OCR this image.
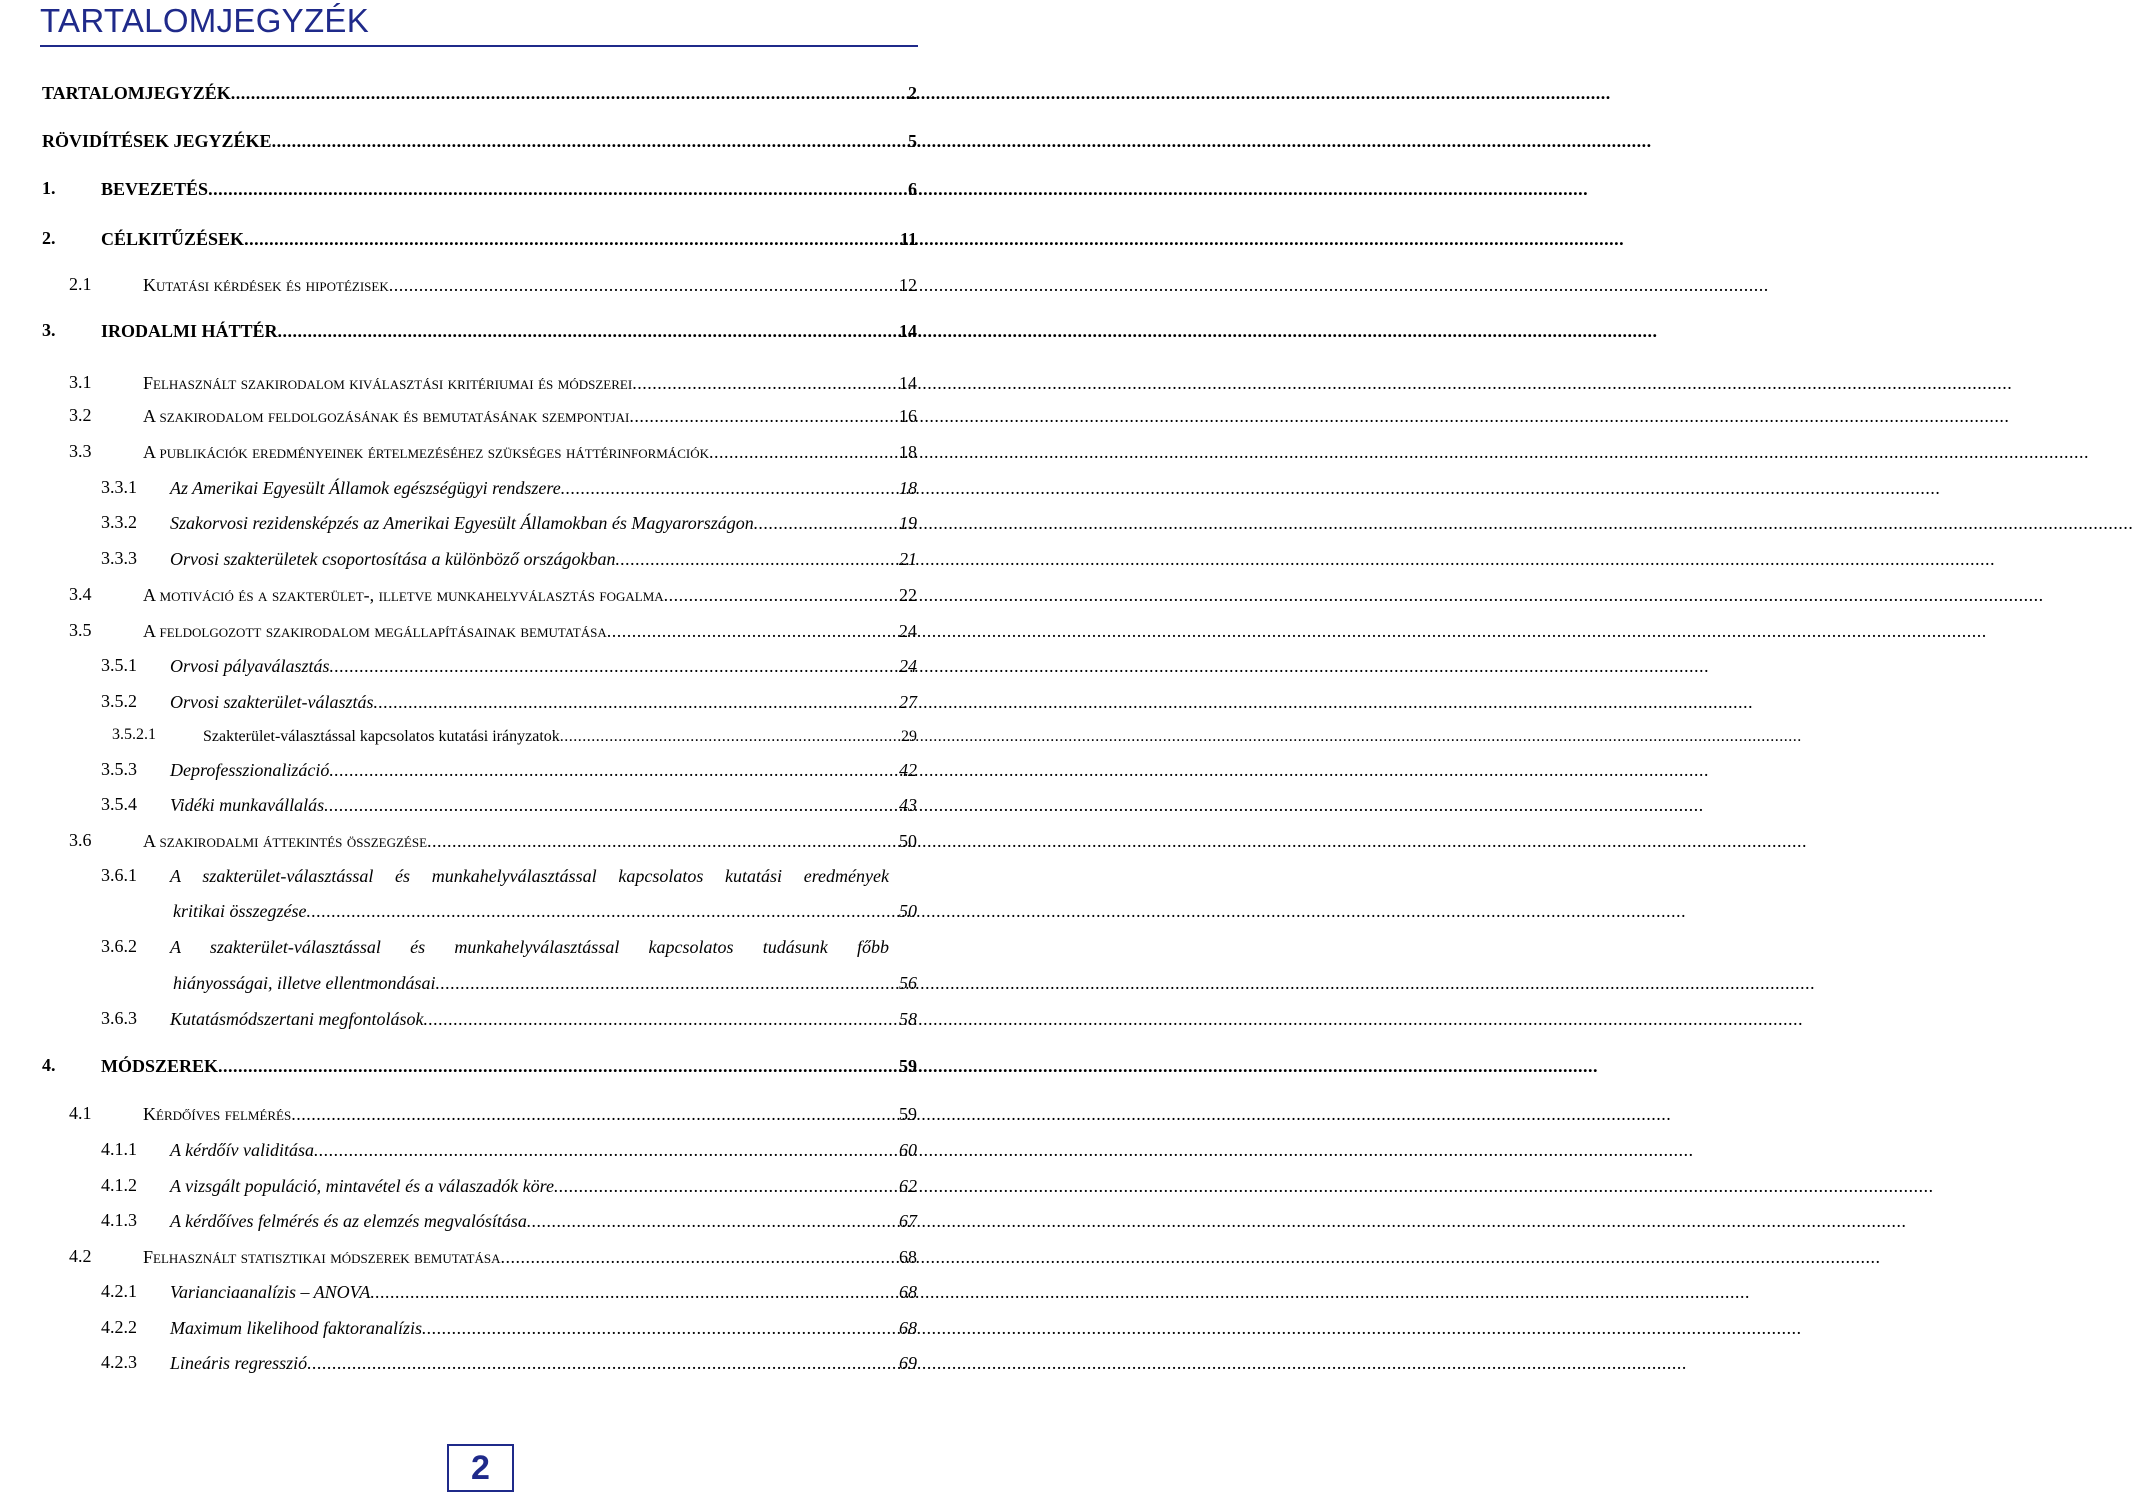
TARTALOMJEGYZÉK
TARTALOMJEGYZÉK .....	2
RÖVIDÍTÉSEK JEGYZÉKE .....	5
1.	BEVEZETÉS .....	6
2.	CÉLKITŰZÉSEK .....	11
2.1	Kutatási kérdések és hipotézisek .....	12
3.	IRODALMI HÁTTÉR .....	14
3.1	Felhasznált szakirodalom kiválasztási kritériumai és módszerei .....	14
3.2	A szakirodalom feldolgozásának és bemutatásának szempontjai .....	16
3.3	A publikációk eredményeinek értelmezéséhez szükséges háttérinformációk .....	18
3.3.1 Az Amerikai Egyesült Államok egészségügyi rendszere .....	18
3.3.2 Szakorvosi rezidensképzés az Amerikai Egyesült Államokban és Magyarországon .....	19
3.3.3 Orvosi szakterületek csoportosítása a különböző országokban .....	21
3.4	A motiváció és a szakterület-, illetve munkahelyválasztás fogalma .....	22
3.5	A feldolgozott szakirodalom megállapításainak bemutatása .....	24
3.5.1 Orvosi pályaválasztás .....	24
3.5.2 Orvosi szakterület-választás .....	27
3.5.2.1	Szakterület-választással kapcsolatos kutatási irányzatok .....	29
3.5.3 Deprofesszionalizáció .....	42
3.5.4 Vidéki munkavállalás .....	43
3.6	A szakirodalmi áttekintés összegzése .....	50
3.6.1 A szakterület-választással és munkahelyválasztással kapcsolatos kutatási eredmények
kritikai összegzése .....	50
3.6.2 A szakterület-választással és munkahelyválasztással kapcsolatos tudásunk főbb
hiányosságai, illetve ellentmondásai .....	56
3.6.3 Kutatásmódszertani megfontolások .....	58
4.	MÓDSZEREK .....	59
4.1	Kérdőíves felmérés .....	59
4.1.1 A kérdőív validitása .....	60
4.1.2 A vizsgált populáció, mintavétel és a válaszadók köre .....	62
4.1.3 A kérdőíves felmérés és az elemzés megvalósítása .....	67
4.2	Felhasznált statisztikai módszerek bemutatása .....	68
4.2.1 Varianciaanalízis – ANOVA .....	68
4.2.2 Maximum likelihood faktoranalízis .....	68
4.2.3 Lineáris regresszió .....	69
2
